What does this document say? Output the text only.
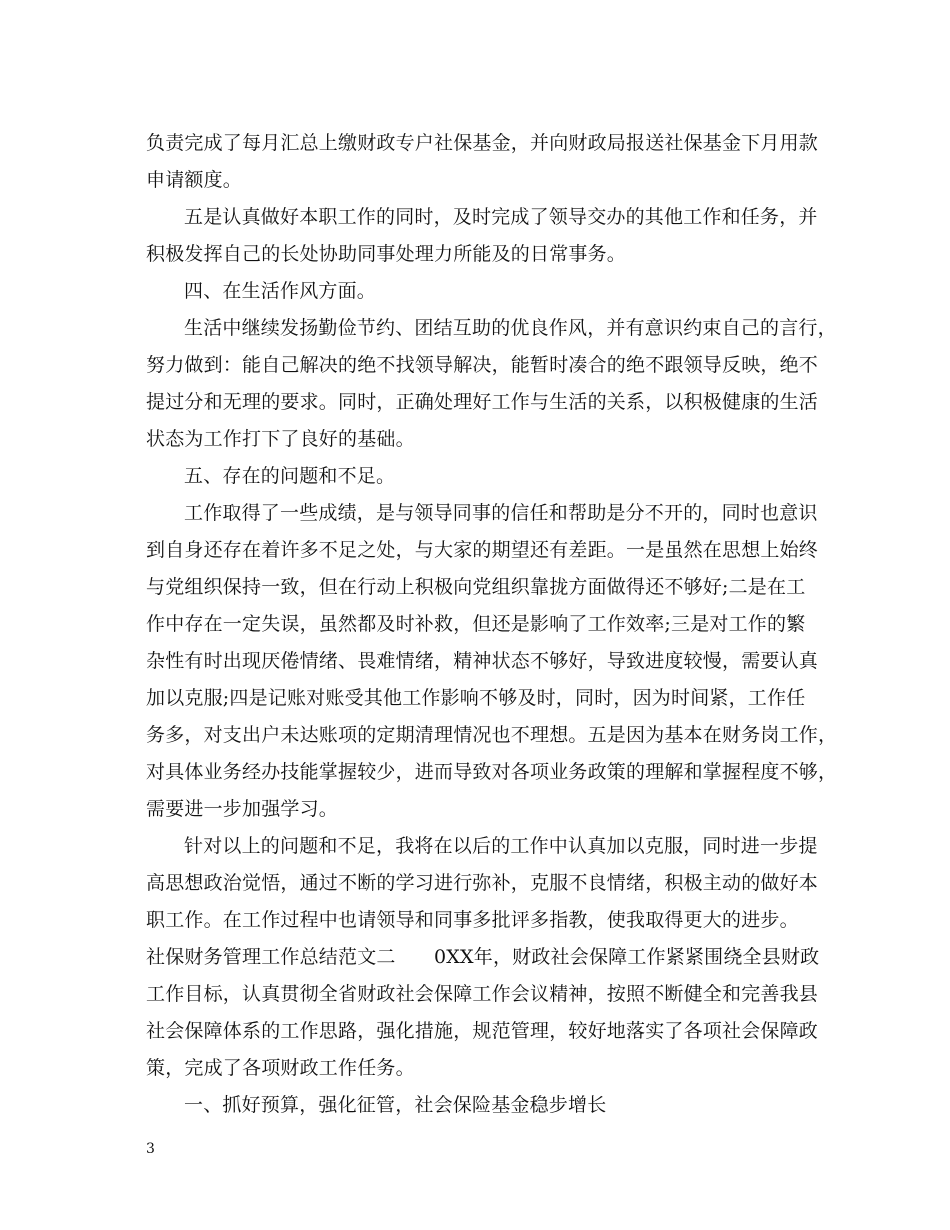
负责完成了每月汇总上缴财政专户社保基金，并向财政局报送社保基金下月用款
申请额度。
五是认真做好本职工作的同时，及时完成了领导交办的其他工作和任务，并
积极发挥自己的长处协助同事处理力所能及的日常事务。
四、在生活作风方面。
生活中继续发扬勤俭节约、团结互助的优良作风，并有意识约束自己的言行，
努力做到：能自己解决的绝不找领导解决，能暂时凑合的绝不跟领导反映，绝不
提过分和无理的要求。同时，正确处理好工作与生活的关系，以积极健康的生活
状态为工作打下了良好的基础。
五、存在的问题和不足。
工作取得了一些成绩，是与领导同事的信任和帮助是分不开的，同时也意识
到自身还存在着许多不足之处，与大家的期望还有差距。一是虽然在思想上始终
与党组织保持一致，但在行动上积极向党组织靠拢方面做得还不够好;二是在工
作中存在一定失误，虽然都及时补救，但还是影响了工作效率;三是对工作的繁
杂性有时出现厌倦情绪、畏难情绪，精神状态不够好，导致进度较慢，需要认真
加以克服;四是记账对账受其他工作影响不够及时，同时，因为时间紧，工作任
务多，对支出户未达账项的定期清理情况也不理想。五是因为基本在财务岗工作，
对具体业务经办技能掌握较少，进而导致对各项业务政策的理解和掌握程度不够，
需要进一步加强学习。
针对以上的问题和不足，我将在以后的工作中认真加以克服，同时进一步提
高思想政治觉悟，通过不断的学习进行弥补，克服不良情绪，积极主动的做好本
职工作。在工作过程中也请领导和同事多批评多指教，使我取得更大的进步。
社保财务管理工作总结范文二　　0XX年，财政社会保障工作紧紧围绕全县财政
工作目标，认真贯彻全省财政社会保障工作会议精神，按照不断健全和完善我县
社会保障体系的工作思路，强化措施，规范管理，较好地落实了各项社会保障政
策，完成了各项财政工作任务。
一、抓好预算，强化征管，社会保险基金稳步增长
3
